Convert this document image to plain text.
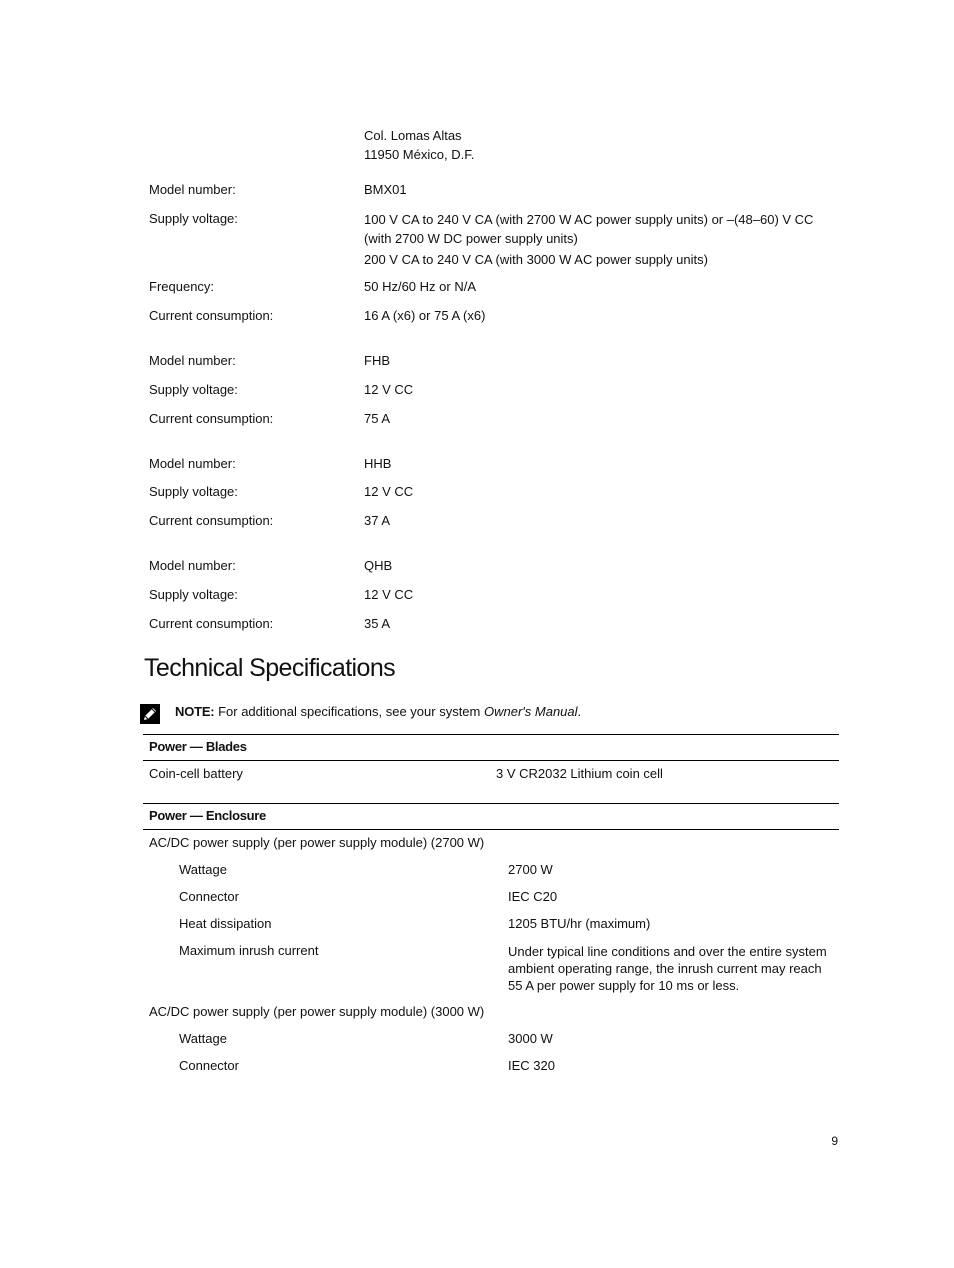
Col. Lomas Altas
11950 México, D.F.
Model number:	BMX01
Supply voltage:	100 V CA to 240 V CA (with 2700 W AC power supply units) or –(48–60) V CC (with 2700 W DC power supply units)
200 V CA to 240 V CA (with 3000 W AC power supply units)
Frequency:	50 Hz/60 Hz or N/A
Current consumption:	16 A (x6) or 75 A (x6)
Model number:	FHB
Supply voltage:	12 V CC
Current consumption:	75 A
Model number:	HHB
Supply voltage:	12 V CC
Current consumption:	37 A
Model number:	QHB
Supply voltage:	12 V CC
Current consumption:	35 A
Technical Specifications
NOTE: For additional specifications, see your system Owner's Manual.
Power — Blades
Coin-cell battery	3 V CR2032 Lithium coin cell
Power — Enclosure
AC/DC power supply (per power supply module) (2700 W)
Wattage	2700 W
Connector	IEC C20
Heat dissipation	1205 BTU/hr (maximum)
Maximum inrush current	Under typical line conditions and over the entire system ambient operating range, the inrush current may reach 55 A per power supply for 10 ms or less.
AC/DC power supply (per power supply module) (3000 W)
Wattage	3000 W
Connector	IEC 320
9
